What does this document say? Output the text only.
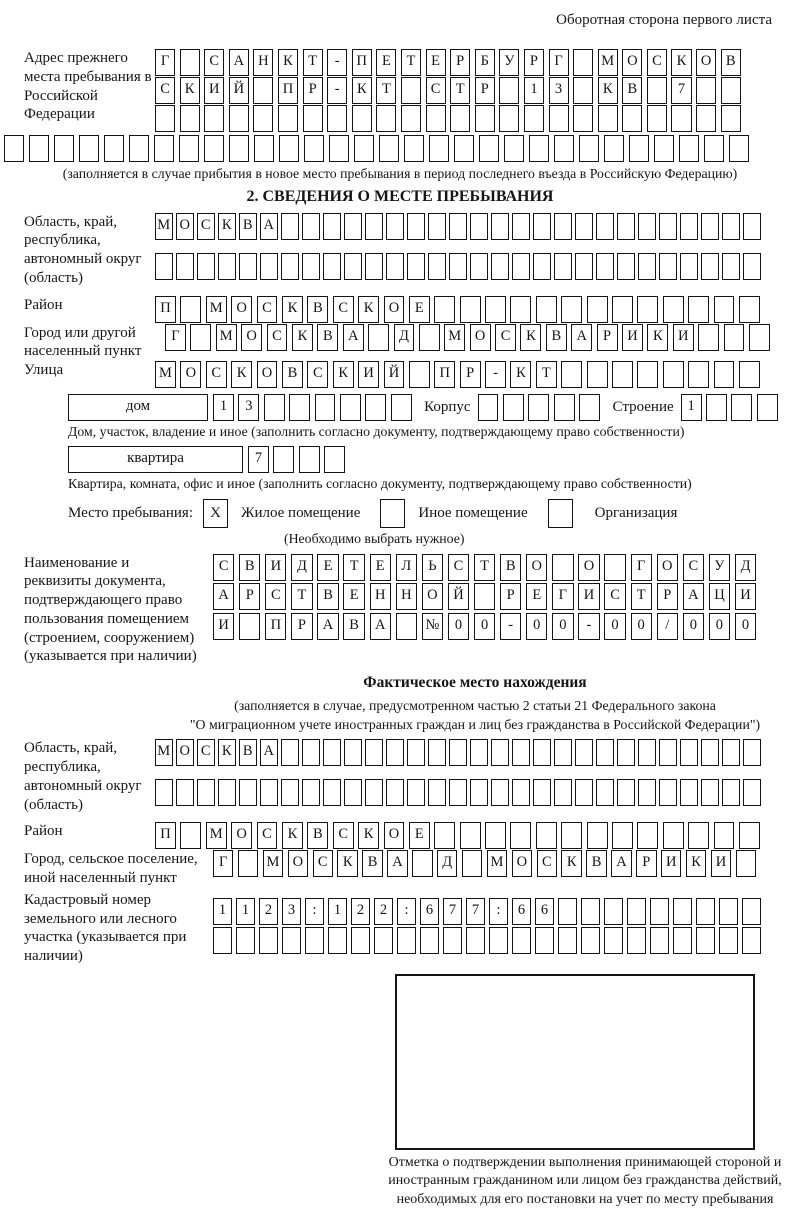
Оборотная сторона первого листа
Адрес прежнего места пребывания в Российской Федерации
Г	С А Н К Т - П Е Т Е Р Б У Р Г	М О С К О В
С К И Й	П Р - К Т	С Т Р	1 3	К В	7

(заполняется в случае прибытия в новое место пребывания в период последнего въезда в Российскую Федерацию)
2. СВЕДЕНИЯ О МЕСТЕ ПРЕБЫВАНИЯ
Область, край, республика, автономный округ (область)
М О С К В А

Район	П	М О С К В С К О Е
Город или другой населенный пункт
Г	М О С К В А	Д	М О С К В А Р И К И
Улица	М О С К О В С К И Й	П Р - К Т
дом	1 3	Корпус	Строение 1
Дом, участок, владение и иное (заполнить согласно документу, подтверждающему право собственности)
квартира	7
Квартира, комната, офис и иное (заполнить согласно документу, подтверждающему право собственности)
Место пребывания: X Жилое помещение	Иное помещение	Организация
(Необходимо выбрать нужное)
Наименование и реквизиты документа, подтверждающего право пользования помещением (строением, сооружением) (указывается при наличии)
С В И Д Е Т Е Л Ь С Т В О	О	Г О С У Д
А Р С Т В Е Н Н О Й	Р Е Г И С Т Р А Ц И
И	П Р А В А	№ 0 0 - 0 0 - 0 0 / 0 0 0
Фактическое место нахождения
(заполняется в случае, предусмотренном частью 2 статьи 21 Федерального закона
"О миграционном учете иностранных граждан и лиц без гражданства в Российской Федерации")
Область, край, республика, автономный округ (область)
М О С К В А

Район	П	М О С К В С К О Е
Город, сельское поселение, иной населенный пункт
Г	М О С К В А	Д	М О С К В А Р И К И
Кадастровый номер земельного или лесного участка (указывается при наличии)
1 1 2 3 : 1 2 2 : 6 7 7 : 6 6

Отметка о подтверждении выполнения принимающей стороной и иностранным гражданином или лицом без гражданства действий, необходимых для его постановки на учет по месту пребывания
